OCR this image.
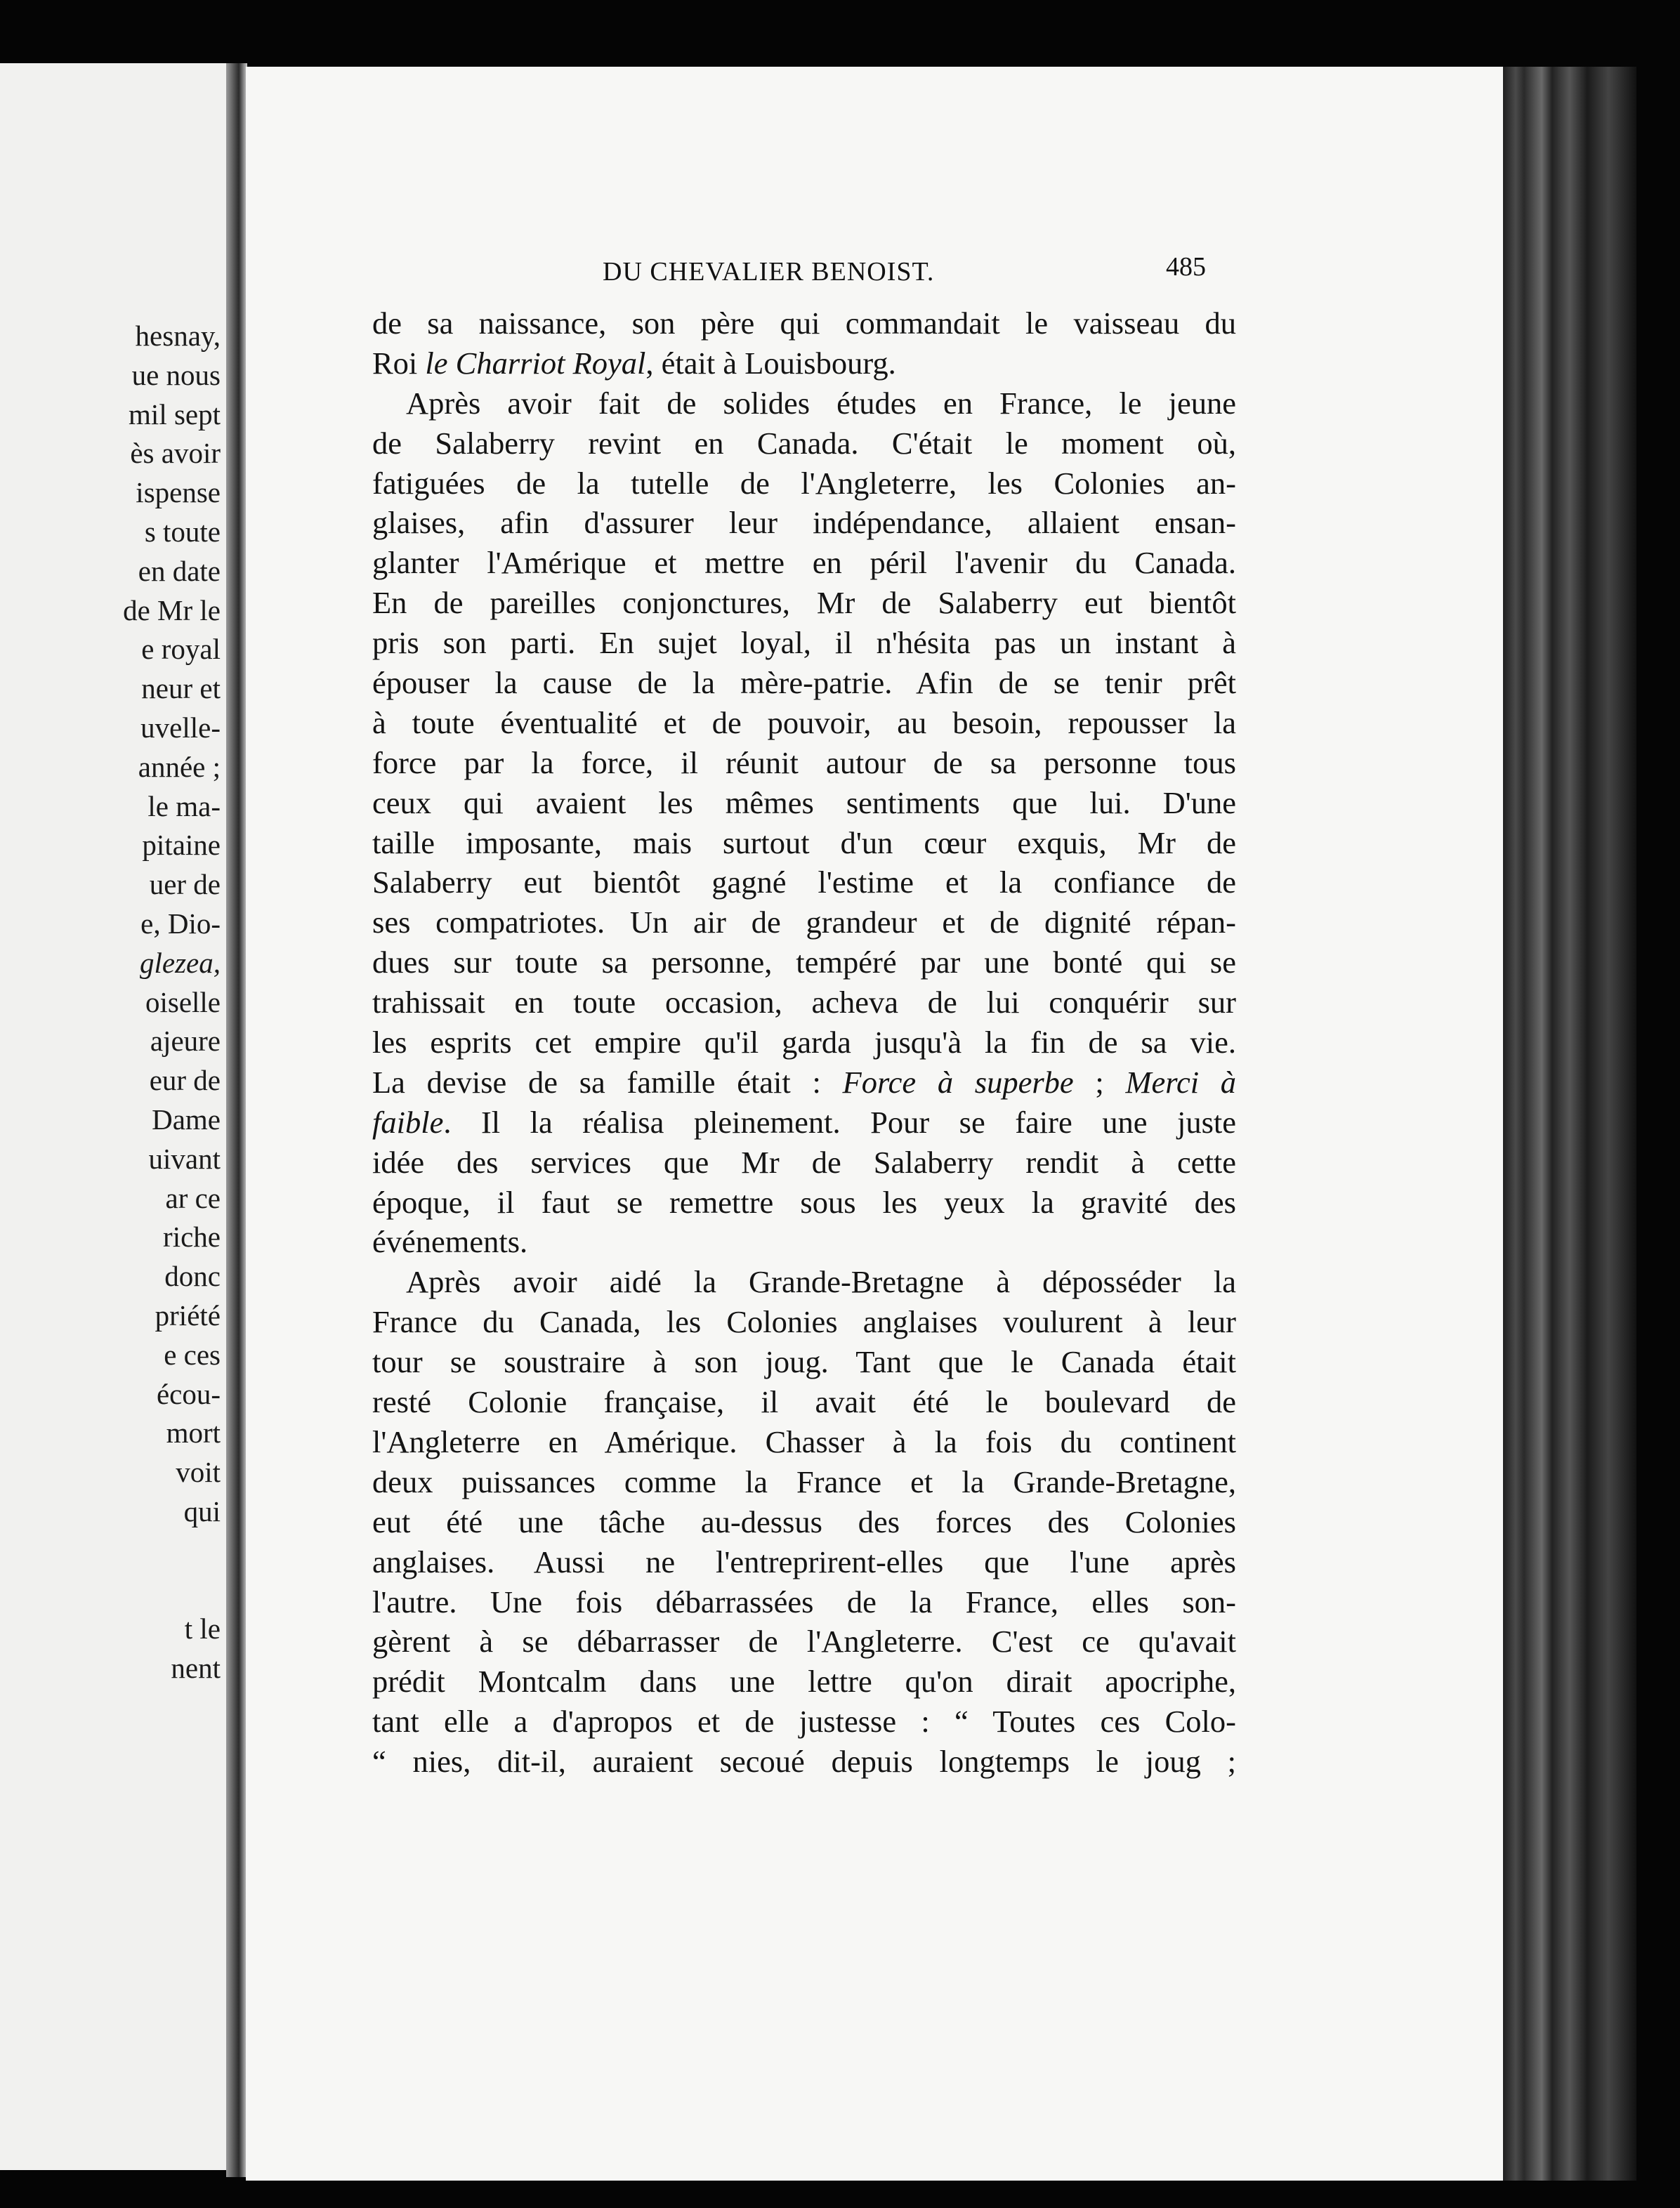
hesnay,
ue nous
mil sept
ès avoir
ispense
s toute
en date
de Mr le
e royal
neur et
uvelle-
année ;
le ma-
pitaine
uer de
e, Dio-
glezea,
oiselle
ajeure
eur de
Dame
uivant
ar ce
riche
donc
priété
e ces
écou-
mort
voit
qui
t le
nent
DU CHEVALIER BENOIST.	485
de sa naissance, son père qui commandait le vaisseau du
Roi le Charriot Royal, était à Louisbourg.
Après avoir fait de solides études en France, le jeune
de Salaberry revint en Canada. C'était le moment où,
fatiguées de la tutelle de l'Angleterre, les Colonies an-
glaises, afin d'assurer leur indépendance, allaient ensan-
glanter l'Amérique et mettre en péril l'avenir du Canada.
En de pareilles conjonctures, Mr de Salaberry eut bientôt
pris son parti. En sujet loyal, il n'hésita pas un instant à
épouser la cause de la mère-patrie. Afin de se tenir prêt
à toute éventualité et de pouvoir, au besoin, repousser la
force par la force, il réunit autour de sa personne tous
ceux qui avaient les mêmes sentiments que lui. D'une
taille imposante, mais surtout d'un cœur exquis, Mr de
Salaberry eut bientôt gagné l'estime et la confiance de
ses compatriotes. Un air de grandeur et de dignité répan-
dues sur toute sa personne, tempéré par une bonté qui se
trahissait en toute occasion, acheva de lui conquérir sur
les esprits cet empire qu'il garda jusqu'à la fin de sa vie.
La devise de sa famille était : Force à superbe ; Merci à
faible. Il la réalisa pleinement. Pour se faire une juste
idée des services que Mr de Salaberry rendit à cette
époque, il faut se remettre sous les yeux la gravité des
événements.
Après avoir aidé la Grande-Bretagne à déposséder la
France du Canada, les Colonies anglaises voulurent à leur
tour se soustraire à son joug. Tant que le Canada était
resté Colonie française, il avait été le boulevard de
l'Angleterre en Amérique. Chasser à la fois du continent
deux puissances comme la France et la Grande-Bretagne,
eut été une tâche au-dessus des forces des Colonies
anglaises. Aussi ne l'entreprirent-elles que l'une après
l'autre. Une fois débarrassées de la France, elles son-
gèrent à se débarrasser de l'Angleterre. C'est ce qu'avait
prédit Montcalm dans une lettre qu'on dirait apocriphe,
tant elle a d'apropos et de justesse : “ Toutes ces Colo-
“ nies, dit-il, auraient secoué depuis longtemps le joug ;
